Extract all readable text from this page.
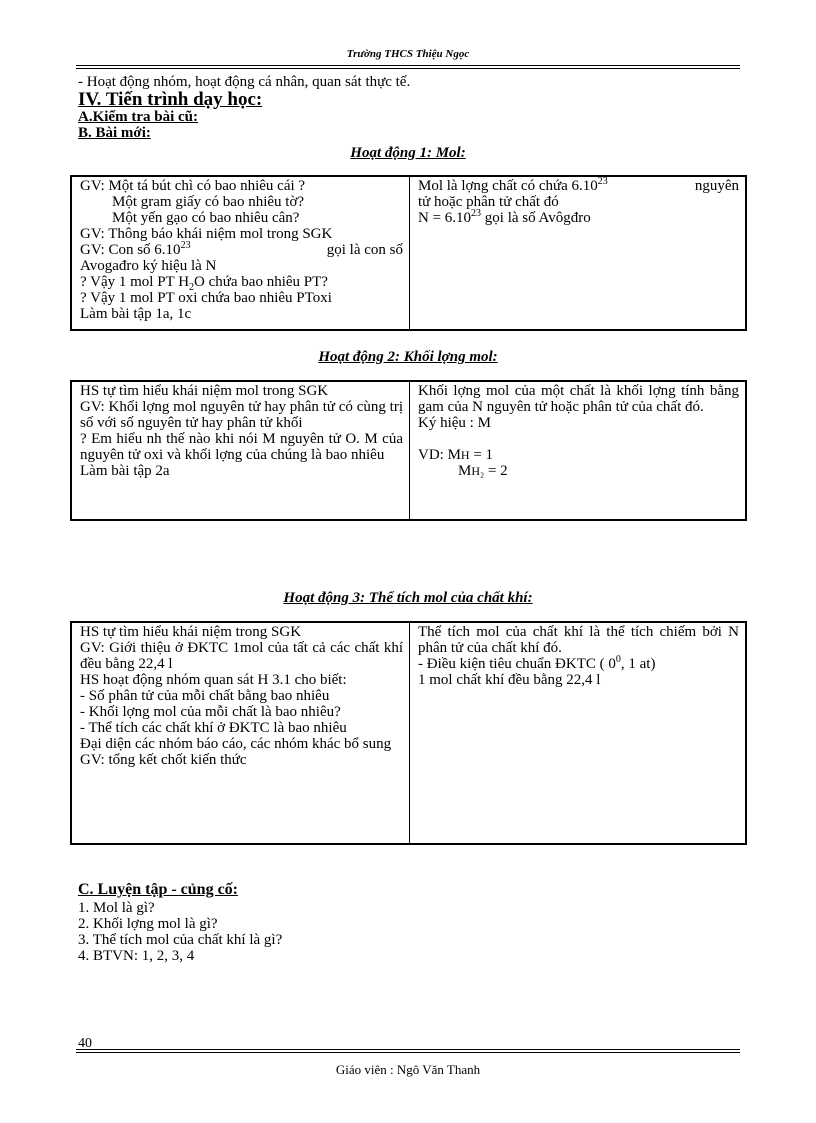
Trường THCS Thiệu Ngọc
- Hoạt động nhóm, hoạt động cá nhân, quan sát thực tế.
IV. Tiến trình dạy học:
A.Kiểm tra bài cũ:
B. Bài mới:
Hoạt động 1: Mol:
GV: Một tá bút chì có bao nhiêu cái ?
Một gram giấy có bao nhiêu tờ?
Một yến gạo có bao nhiêu cân?
GV: Thông báo khái niệm mol trong SGK
GV: Con số 6.10$^{23}$	gọi là con số
Avogađro ký hiệu là N
? Vậy 1 mol PT $H_2O$ chứa bao nhiêu PT?
? Vậy 1 mol PT oxi chứa bao nhiêu PToxi
Làm bài tập 1a, 1c

Mol là lợng chất có chứa 6.10$^{23}$	nguyên
tử hoặc phân tử chất đó
$N = 6.10^{23}$ gọi là số Avôgđro
Hoạt động 2: Khối lợng mol:
HS tự tìm hiểu khái niệm mol trong SGK
GV: Khối lợng mol nguyên tử hay phân tử có cùng trị số với số nguyên tử hay phân tử khối
? Em hiểu nh thế nào khi nói M nguyên tử O. M của nguyên tử oxi và khối lợng của chúng là bao nhiêu
Làm bài tập 2a

Khối lợng mol của một chất là khối lợng tính bằng gam của N nguyên tử hoặc phân tử của chất đó.
Ký hiệu : M
VD: MH = 1
MH₂ = 2
Hoạt động 3: Thể tích mol của chất khí:
HS tự tìm hiểu khái niệm trong SGK
GV: Giới thiệu ở ĐKTC 1mol của tất cả các chất khí đều bằng 22,4 l
HS hoạt động nhóm quan sát H 3.1 cho biết:
- Số phân tử của mỗi chất bằng bao nhiêu
- Khối lợng mol của mỗi chất là bao nhiêu?
- Thể tích các chất khí ở ĐKTC là bao nhiêu
Đại diện các nhóm báo cáo, các nhóm khác bổ sung
GV: tổng kết chốt kiến thức

Thể tích mol của chất khí là thể tích chiếm bởi N phân tử của chất khí đó.
- Điều kiện tiêu chuẩn ĐKTC ( $0^0$, 1 at)
1 mol chất khí đều bằng 22,4 l
C. Luyện tập - củng cố:
1. Mol là gì?
2. Khối lợng mol là gì?
3. Thể tích mol của chất khí là gì?
4. BTVN: 1, 2, 3, 4
40
Giáo viên : Ngô Văn Thanh
